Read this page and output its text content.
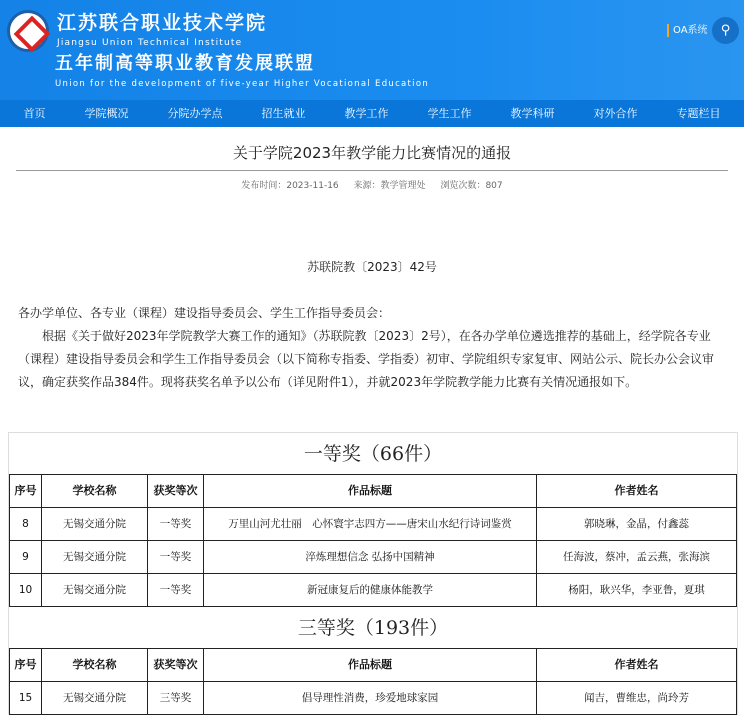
江苏联合职业技术学院
Jiangsu Union Technical Institute
五年制高等职业教育发展联盟
Union for the development of five-year Higher Vocational Education
OA系统	⚲
首页	学院概况	分院办学点	招生就业	教学工作	学生工作	教学科研	对外合作	专题栏目
关于学院2023年教学能力比赛情况的通报
发布时间：2023-11-16 来源：教学管理处 浏览次数：807
苏联院教〔2023〕42号

各办学单位、各专业（课程）建设指导委员会、学生工作指导委员会：

根据《关于做好2023年学院教学大赛工作的通知》（苏联院教〔2023〕2号），在各办学单位遴选推荐的基础上，经学院各专业（课程）建设指导委员会和学生工作指导委员会（以下简称专指委、学指委）初审、学院组织专家复审、网站公示、院长办公会议审议，确定获奖作品384件。现将获奖名单予以公布（详见附件1），并就2023年学院教学能力比赛有关情况通报如下。

一等奖（66件）
序号	学校名称	获奖等次	作品标题	作者姓名
8	无锡交通分院	一等奖	万里山河尤壮丽　心怀寰宇志四方——唐宋山水纪行诗词鉴赏	郭晓琳，金晶，付鑫蕊
9	无锡交通分院	一等奖	淬炼理想信念 弘扬中国精神	任海波，蔡冲，孟云燕，张海滨
10	无锡交通分院	一等奖	新冠康复后的健康体能教学	杨阳，耿兴华，李亚鲁，夏琪
三等奖（193件）
序号	学校名称	获奖等次	作品标题	作者姓名
15	无锡交通分院	三等奖	倡导理性消费，珍爱地球家园	闻吉，曹维忠，尚玲芳
